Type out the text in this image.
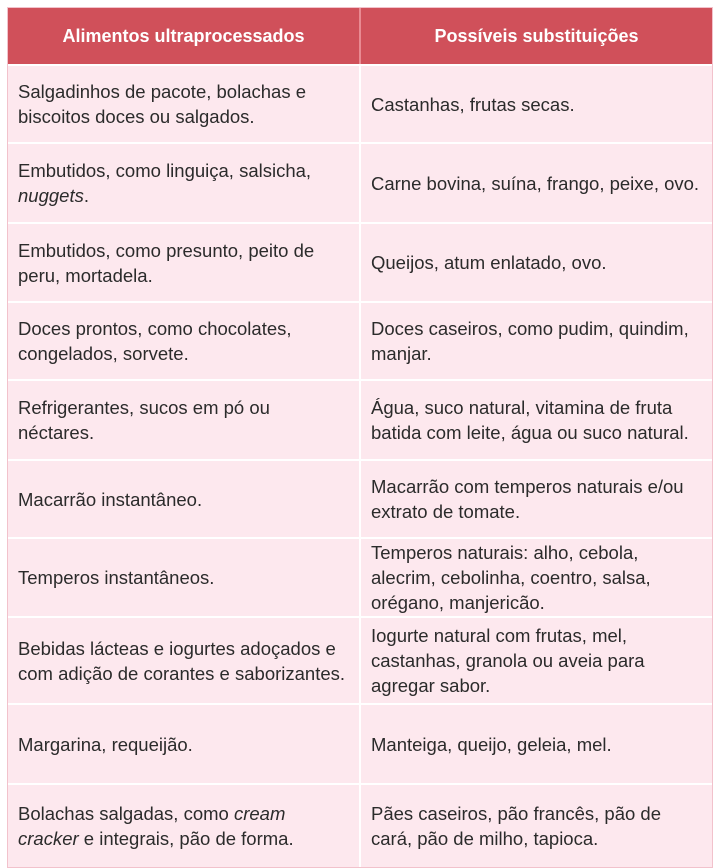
Alimentos ultraprocessados	Possíveis substituições
Salgadinhos de pacote, bolachas e biscoitos doces ou salgados.
Castanhas, frutas secas.
Embutidos, como linguiça, salsicha, nuggets.
Carne bovina, suína, frango, peixe, ovo.
Embutidos, como presunto, peito de peru, mortadela.
Queijos, atum enlatado, ovo.
Doces prontos, como chocolates, congelados, sorvete.
Doces caseiros, como pudim, quindim, manjar.
Refrigerantes, sucos em pó ou néctares.
Água, suco natural, vitamina de fruta batida com leite, água ou suco natural.
Macarrão instantâneo.
Macarrão com temperos naturais e/ou extrato de tomate.
Temperos instantâneos.
Temperos naturais: alho, cebola, alecrim, cebolinha, coentro, salsa, orégano, manjericão.
Bebidas lácteas e iogurtes adoçados e com adição de corantes e saborizantes.
Iogurte natural com frutas, mel, castanhas, granola ou aveia para agregar sabor.
Margarina, requeijão.	Manteiga, queijo, geleia, mel.
Bolachas salgadas, como cream cracker e integrais, pão de forma.
Pães caseiros, pão francês, pão de cará, pão de milho, tapioca.
